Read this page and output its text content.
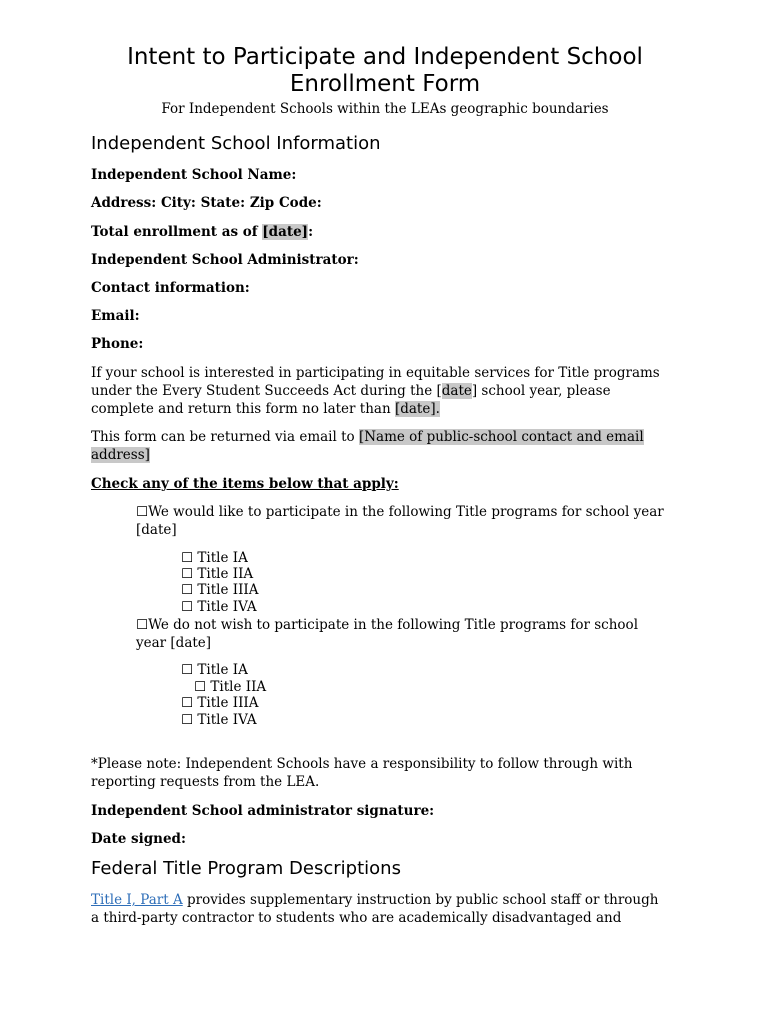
Intent to Participate and Independent School
Enrollment Form
For Independent Schools within the LEAs geographic boundaries
Independent School Information
Independent School Name:
Address: City: State: Zip Code:
Total enrollment as of [date]:
Independent School Administrator:
Contact information:
Email:
Phone:
If your school is interested in participating in equitable services for Title programs
under the Every Student Succeeds Act during the [date] school year, please
complete and return this form no later than [date].
This form can be returned via email to [Name of public-school contact and email
address]
Check any of the items below that apply:
☐We would like to participate in the following Title programs for school year
[date]
☐ Title IA
☐ Title IIA
☐ Title IIIA
☐ Title IVA
☐We do not wish to participate in the following Title programs for school
year [date]
☐ Title IA
☐ Title IIA
☐ Title IIIA
☐ Title IVA
*Please note: Independent Schools have a responsibility to follow through with
reporting requests from the LEA.
Independent School administrator signature:
Date signed:
Federal Title Program Descriptions
Title I, Part A provides supplementary instruction by public school staff or through
a third-party contractor to students who are academically disadvantaged and
